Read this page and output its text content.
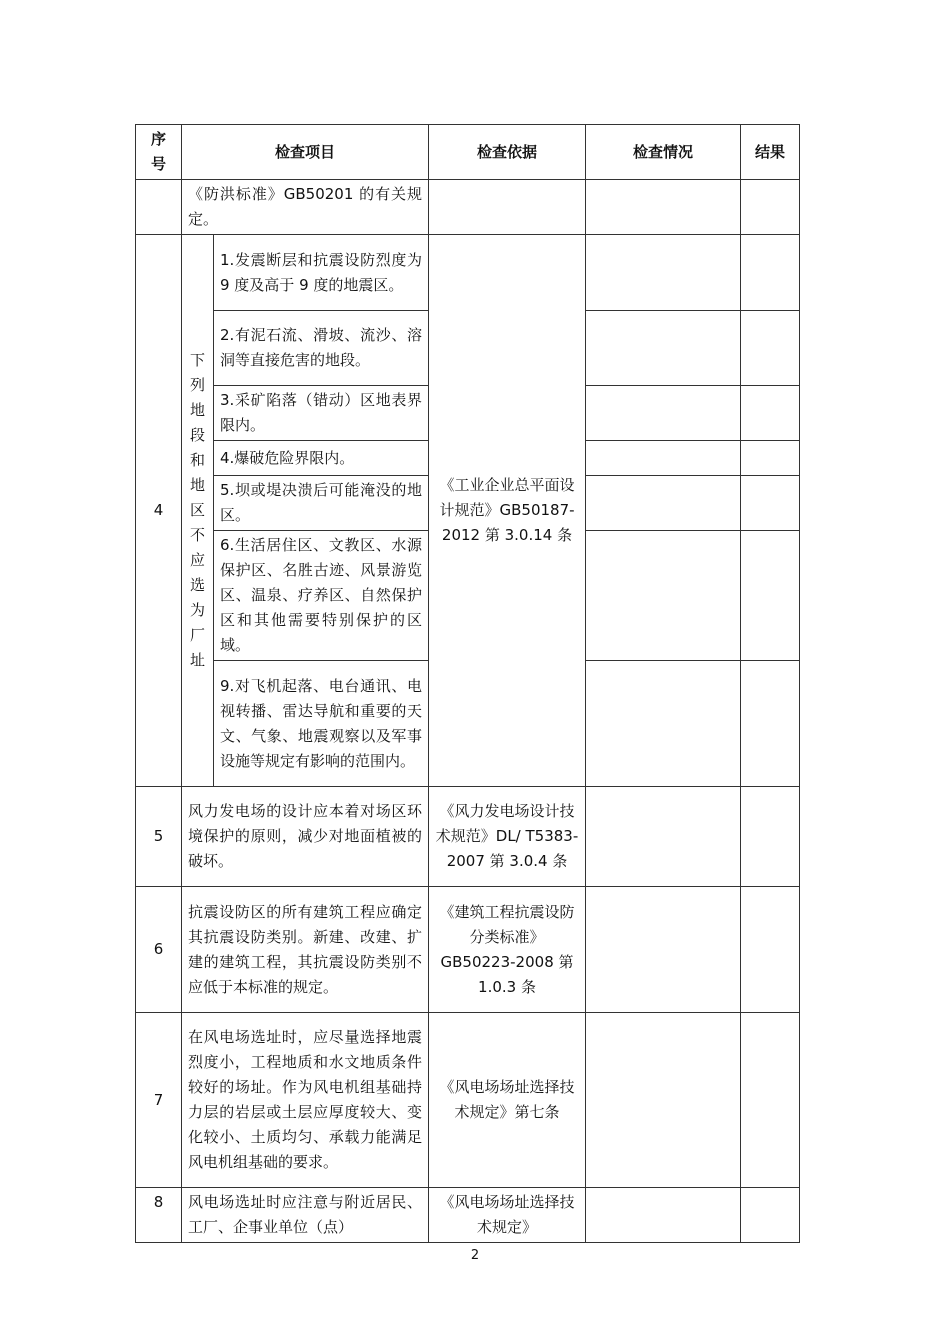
序号	检查项目		检查依据	检查情况	结果
	《防洪标准》GB50201 的有关规定。				
4	下列地段和地区不应选为厂址	1.发震断层和抗震设防烈度为 9 度及高于 9 度的地震区。	《工业企业总平面设计规范》GB50187-2012 第 3.0.14 条		
		2.有泥石流、滑坡、流沙、溶洞等直接危害的地段。			
		3.采矿陷落（错动）区地表界限内。			
		4.爆破危险界限内。			
		5.坝或堤决溃后可能淹没的地区。			
		6.生活居住区、文教区、水源保护区、名胜古迹、风景游览区、温泉、疗养区、自然保护区和其他需要特别保护的区域。			
		9.对飞机起落、电台通讯、电视转播、雷达导航和重要的天文、气象、地震观察以及军事设施等规定有影响的范围内。			
5	风力发电场的设计应本着对场区环境保护的原则，减少对地面植被的破坏。		《风力发电场设计技术规范》DL/ T5383-2007 第 3.0.4 条		
6	抗震设防区的所有建筑工程应确定其抗震设防类别。新建、改建、扩建的建筑工程，其抗震设防类别不应低于本标准的规定。		《建筑工程抗震设防分类标准》GB50223-2008 第 1.0.3 条		
7	在风电场选址时，应尽量选择地震烈度小，工程地质和水文地质条件较好的场址。作为风电机组基础持力层的岩层或土层应厚度较大、变化较小、土质均匀、承载力能满足风电机组基础的要求。		《风电场场址选择技术规定》第七条		
8	风电场选址时应注意与附近居民、工厂、企事业单位（点）		《风电场场址选择技术规定》		
2
